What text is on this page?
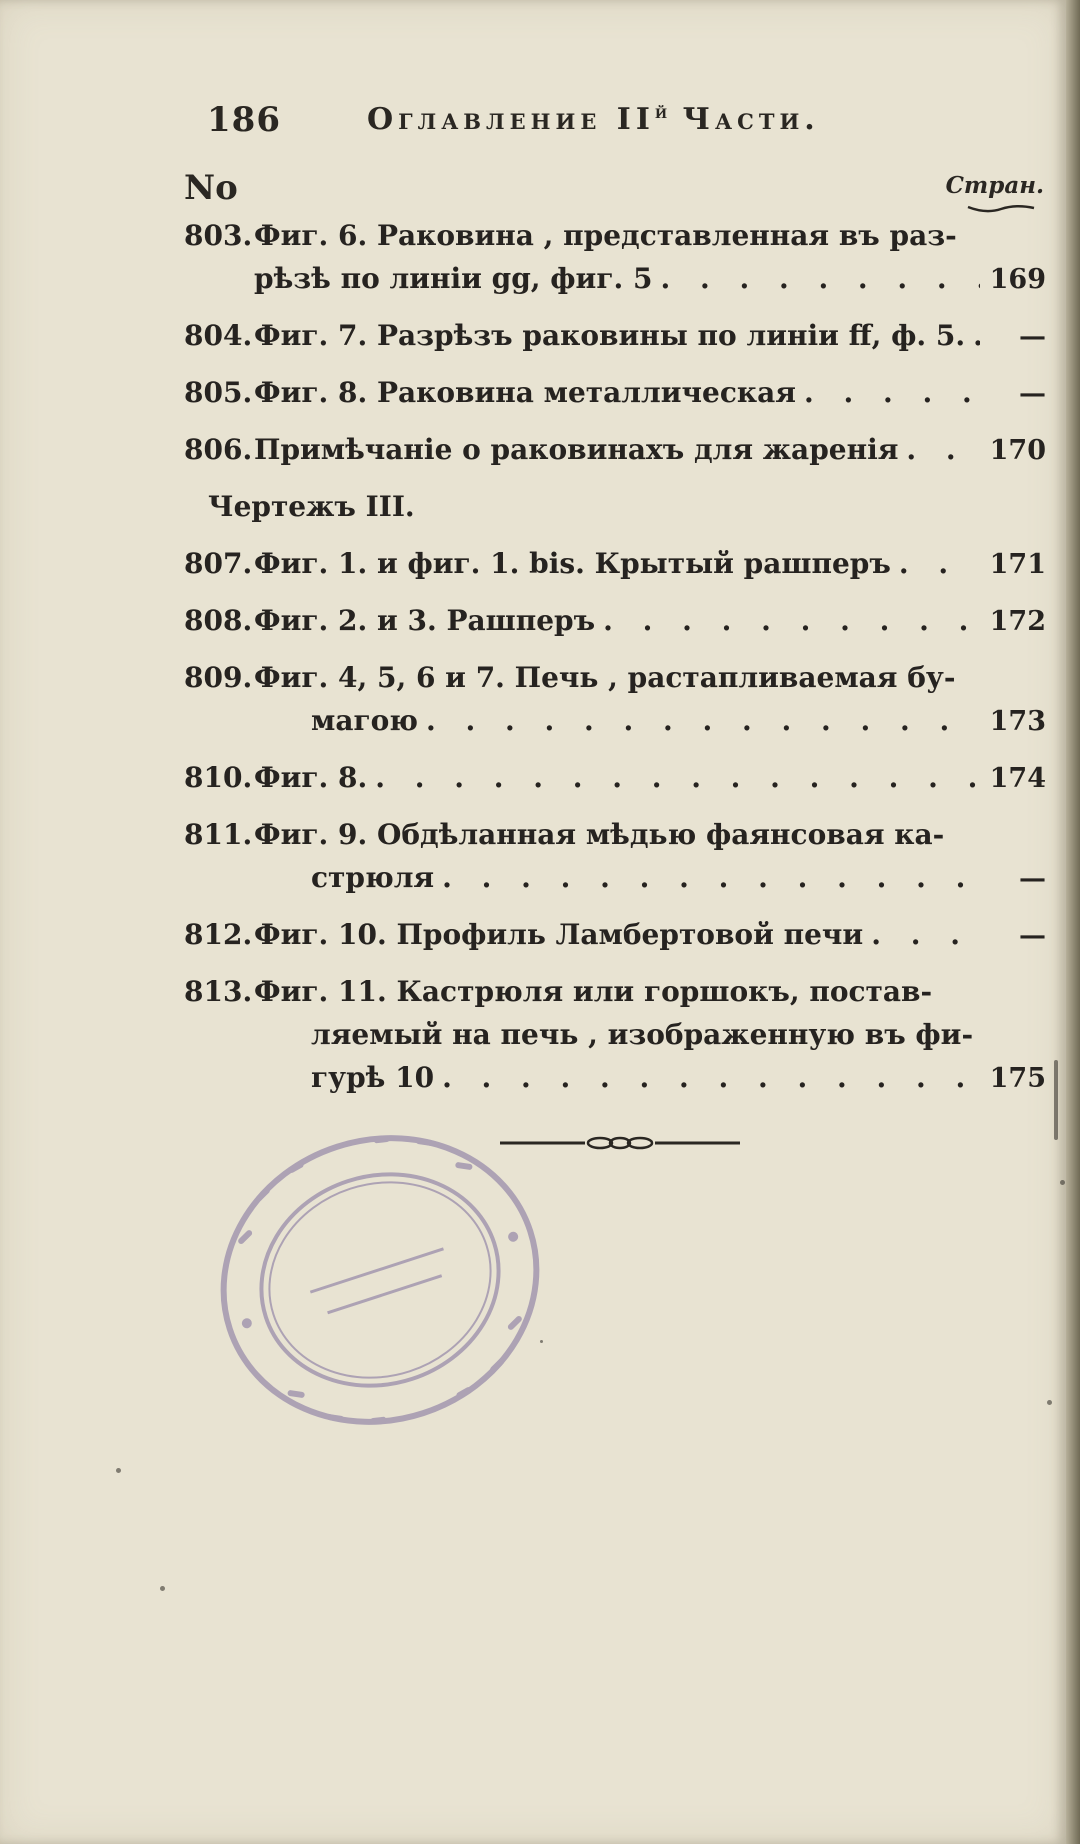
186	Оглавление $II^й$ Части.
No	Стран.
803. Фиг. 6. Раковина , представленная въ раз-
рѣзѣ по линіи gg, фиг. 5 . . .	169
804. Фиг. 7. Разрѣзъ раковины по линіи ff, ф. 5. . . .	—
805. Фиг. 8. Раковина металлическая . . .	—
806. Примѣчаніе о раковинахъ для жаренія . . .	170
Чертежъ III.
807. Фиг. 1. и фиг. 1. bis. Крытый рашперъ . . .	171
808. Фиг. 2. и 3. Рашперъ . . .	172
809. Фиг. 4, 5, 6 и 7. Печь , растапливаемая бу-
магою . . .	173
810. Фиг. 8. . . .	174
811. Фиг. 9. Обдѣланная мѣдью фаянсовая ка-
стрюля . . .	—
812. Фиг. 10. Профиль Ламбертовой печи . . .	—
813. Фиг. 11. Кастрюля или горшокъ, постав-
ляемый на печь , изображенную въ фи-
гурѣ 10 . . .	175
